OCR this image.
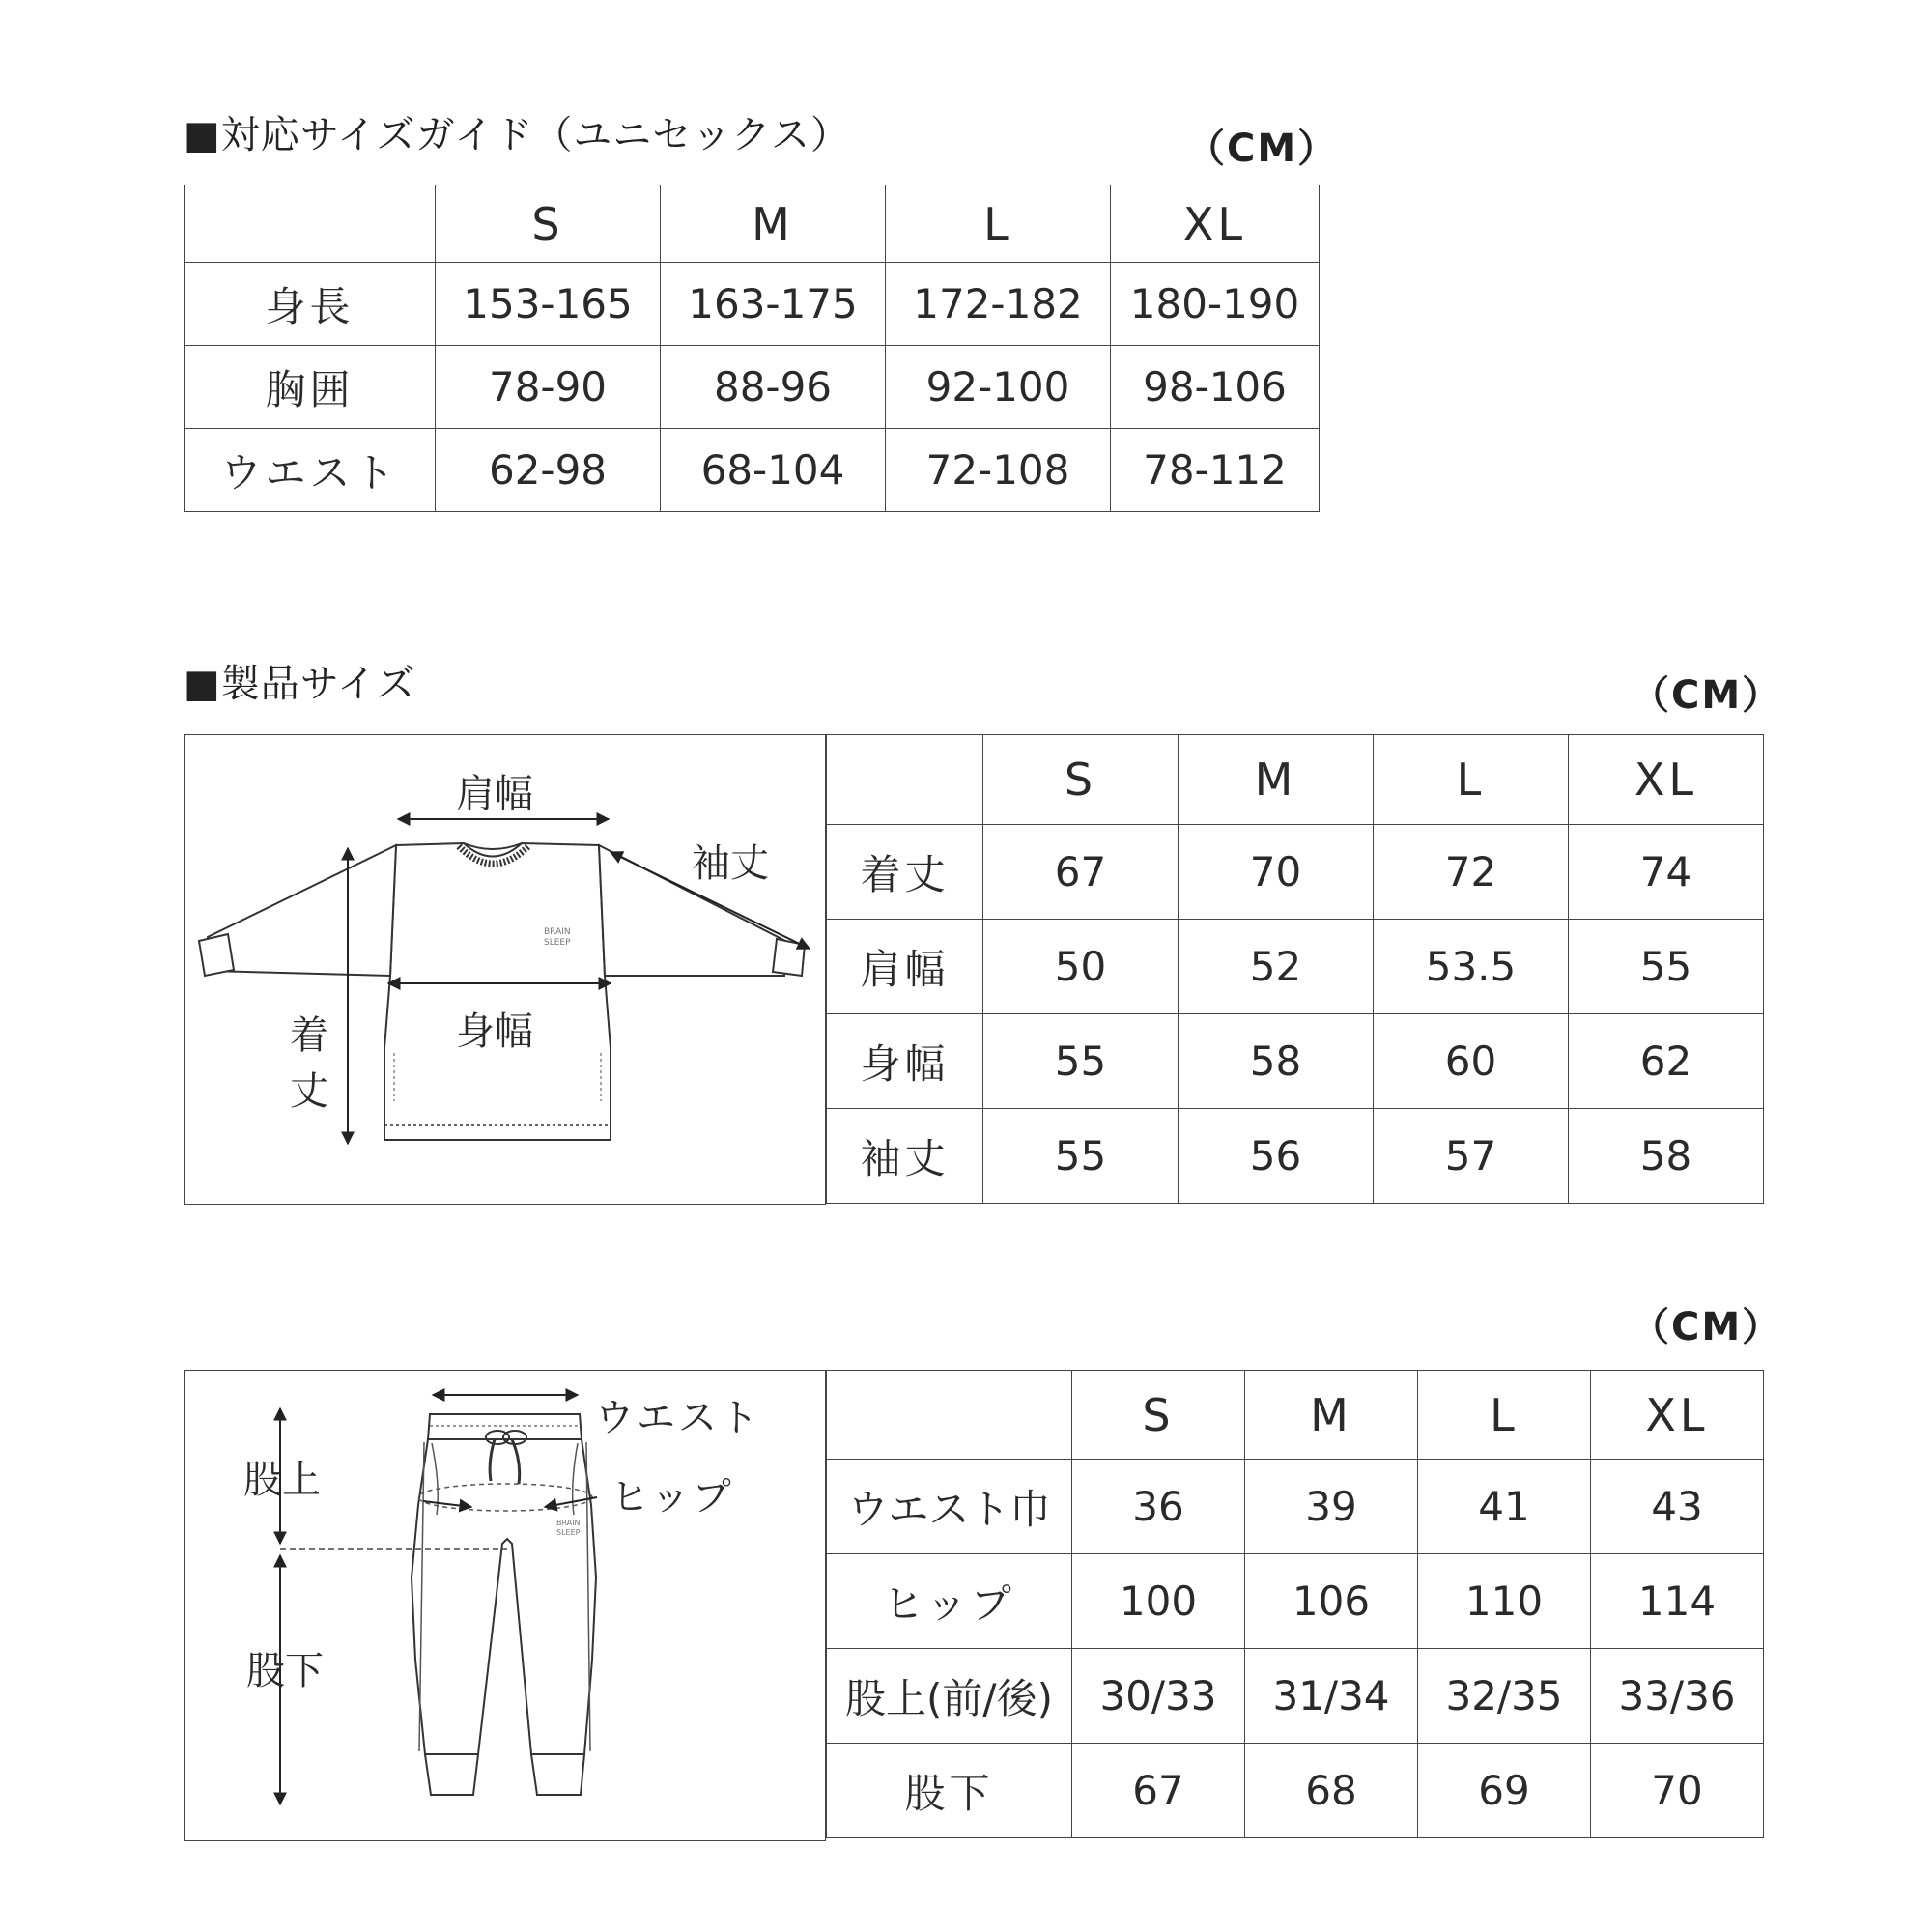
■対応サイズガイド（ユニセックス）	（CM）
	S	M	L	XL
身長	153-165	163-175	172-182	180-190
胸囲	78-90	88-96	92-100	98-106
ウエスト	62-98	68-104	72-108	78-112
■製品サイズ	（CM）
肩幅
袖丈
着
丈
身幅
BRAIN
SLEEP
	S	M	L	XL
着丈	67	70	72	74
肩幅	50	52	53.5	55
身幅	55	58	60	62
袖丈	55	56	57	58
（CM）
ウエスト
ヒップ
股上
股下
BRAIN
SLEEP
	S	M	L	XL
ウエスト巾	36	39	41	43
ヒップ	100	106	110	114
股上(前/後)	30/33	31/34	32/35	33/36
股下	67	68	69	70
